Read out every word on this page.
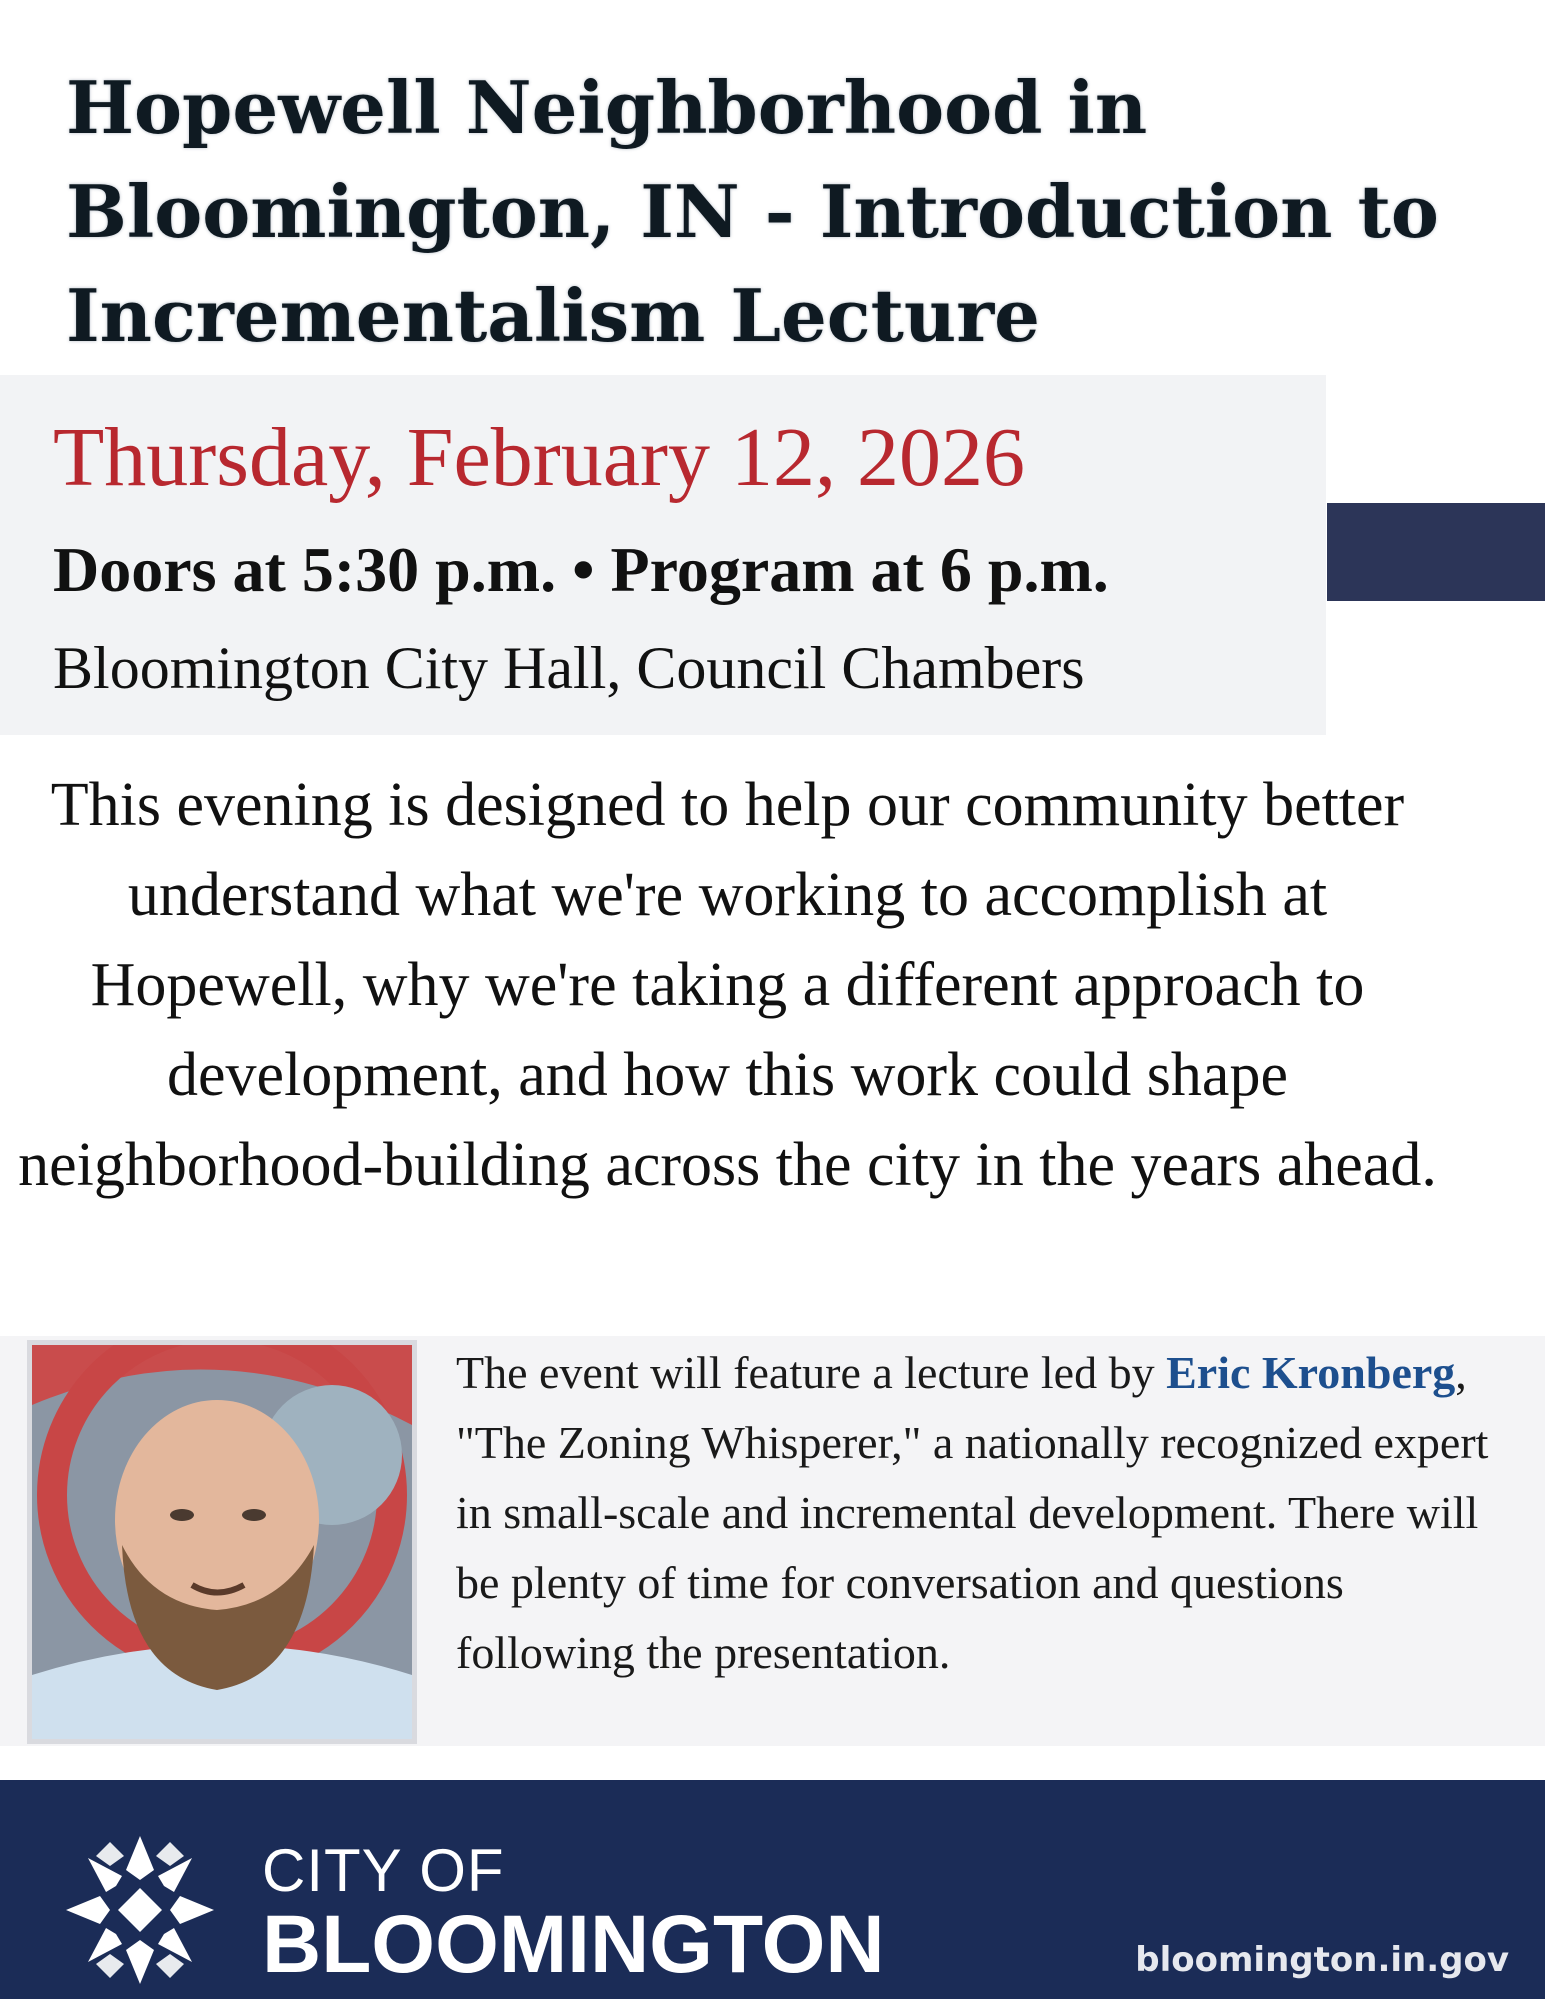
Hopewell Neighborhood in Bloomington, IN - Introduction to Incrementalism Lecture

Thursday, February 12, 2026

Doors at 5:30 p.m. • Program at 6 p.m.

Bloomington City Hall, Council Chambers

This evening is designed to help our community better understand what we're working to accomplish at Hopewell, why we're taking a different approach to development, and how this work could shape neighborhood-building across the city in the years ahead.

The event will feature a lecture led by Eric Kronberg, "The Zoning Whisperer," a nationally recognized expert in small-scale and incremental development. There will be plenty of time for conversation and questions following the presentation.

CITY OF

BLOOMINGTON	bloomington.in.gov
